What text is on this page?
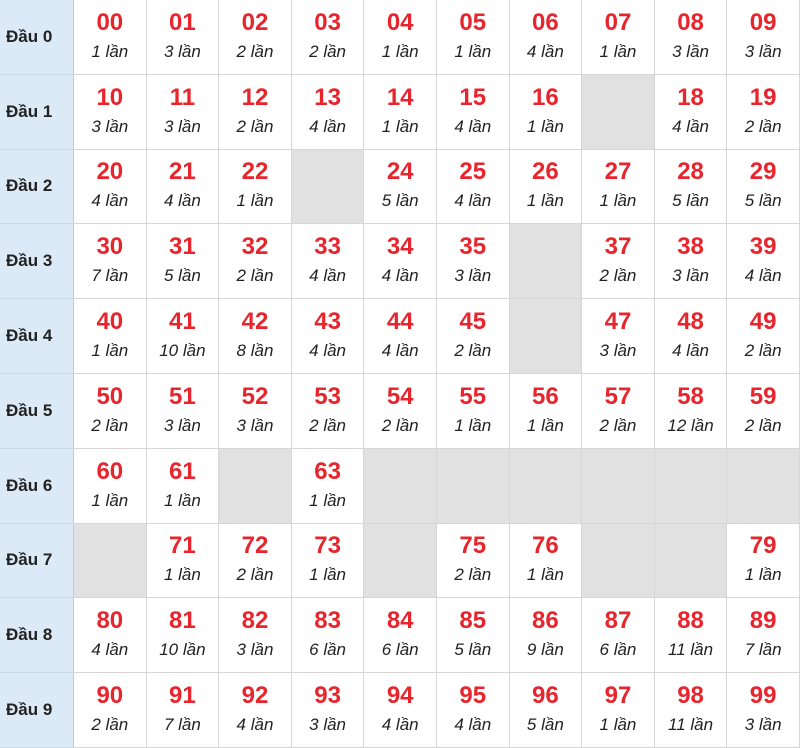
Đầu 0
00
1 lần
01
3 lần
02
2 lần
03
2 lần
04
1 lần
05
1 lần
06
4 lần
07
1 lần
08
3 lần
09
3 lần
Đầu 1
10
3 lần
11
3 lần
12
2 lần
13
4 lần
14
1 lần
15
4 lần
16
1 lần
18
4 lần
19
2 lần
Đầu 2
20
4 lần
21
4 lần
22
1 lần
24
5 lần
25
4 lần
26
1 lần
27
1 lần
28
5 lần
29
5 lần
Đầu 3
30
7 lần
31
5 lần
32
2 lần
33
4 lần
34
4 lần
35
3 lần
37
2 lần
38
3 lần
39
4 lần
Đầu 4
40
1 lần
41
10 lần
42
8 lần
43
4 lần
44
4 lần
45
2 lần
47
3 lần
48
4 lần
49
2 lần
Đầu 5
50
2 lần
51
3 lần
52
3 lần
53
2 lần
54
2 lần
55
1 lần
56
1 lần
57
2 lần
58
12 lần
59
2 lần
Đầu 6
60
1 lần
61
1 lần
63
1 lần
Đầu 7
71
1 lần
72
2 lần
73
1 lần
75
2 lần
76
1 lần
79
1 lần
Đầu 8
80
4 lần
81
10 lần
82
3 lần
83
6 lần
84
6 lần
85
5 lần
86
9 lần
87
6 lần
88
11 lần
89
7 lần
Đầu 9
90
2 lần
91
7 lần
92
4 lần
93
3 lần
94
4 lần
95
4 lần
96
5 lần
97
1 lần
98
11 lần
99
3 lần
